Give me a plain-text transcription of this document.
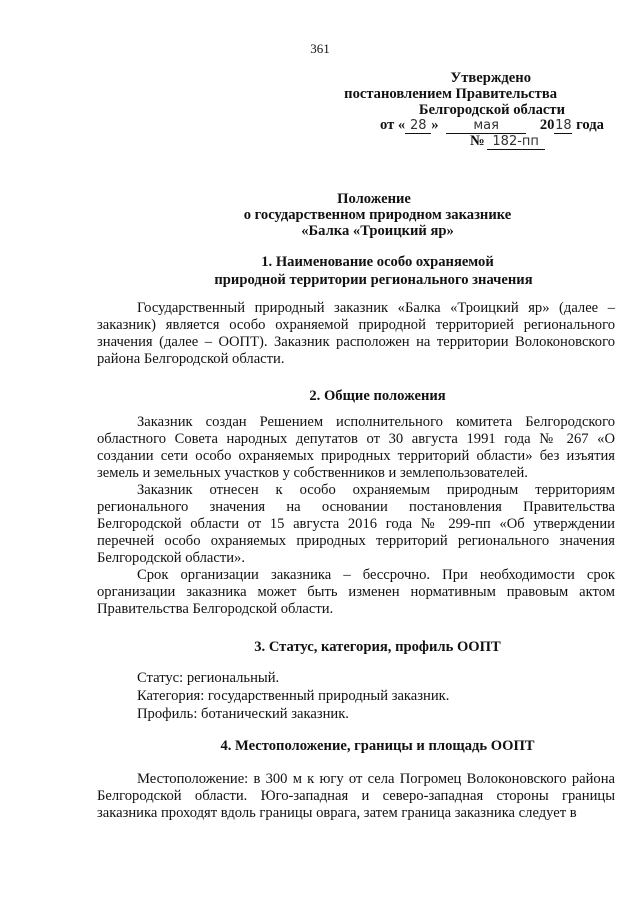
361
Утверждено
постановлением Правительства
Белгородской области
от « 28 »	мая	2018 года
№ 182-пп
Положение
о государственном природном заказнике
«Балка «Троицкий яр»
1. Наименование особо охраняемой
природной территории регионального значения

Государственный природный заказник «Балка «Троицкий яр» (далее – заказник) является особо охраняемой природной территорией регионального значения (далее – ООПТ). Заказник расположен на территории Волоконовского района Белгородской области.

2. Общие положения

Заказник создан Решением исполнительного комитета Белгородского областного Совета народных депутатов от 30 августа 1991 года № 267 «О создании сети особо охраняемых природных территорий области» без изъятия земель и земельных участков у собственников и землепользователей.

Заказник отнесен к особо охраняемым природным территориям регионального значения на основании постановления Правительства Белгородской области от 15 августа 2016 года № 299-пп «Об утверждении перечней особо охраняемых природных территорий регионального значения Белгородской области».

Срок организации заказника – бессрочно. При необходимости срок организации заказника может быть изменен нормативным правовым актом Правительства Белгородской области.

3. Статус, категория, профиль ООПТ
Статус: региональный.
Категория: государственный природный заказник.
Профиль: ботанический заказник.
4. Местоположение, границы и площадь ООПТ

Местоположение: в 300 м к югу от села Погромец Волоконовского района Белгородской области. Юго-западная и северо-западная стороны границы заказника проходят вдоль границы оврага, затем граница заказника следует в
